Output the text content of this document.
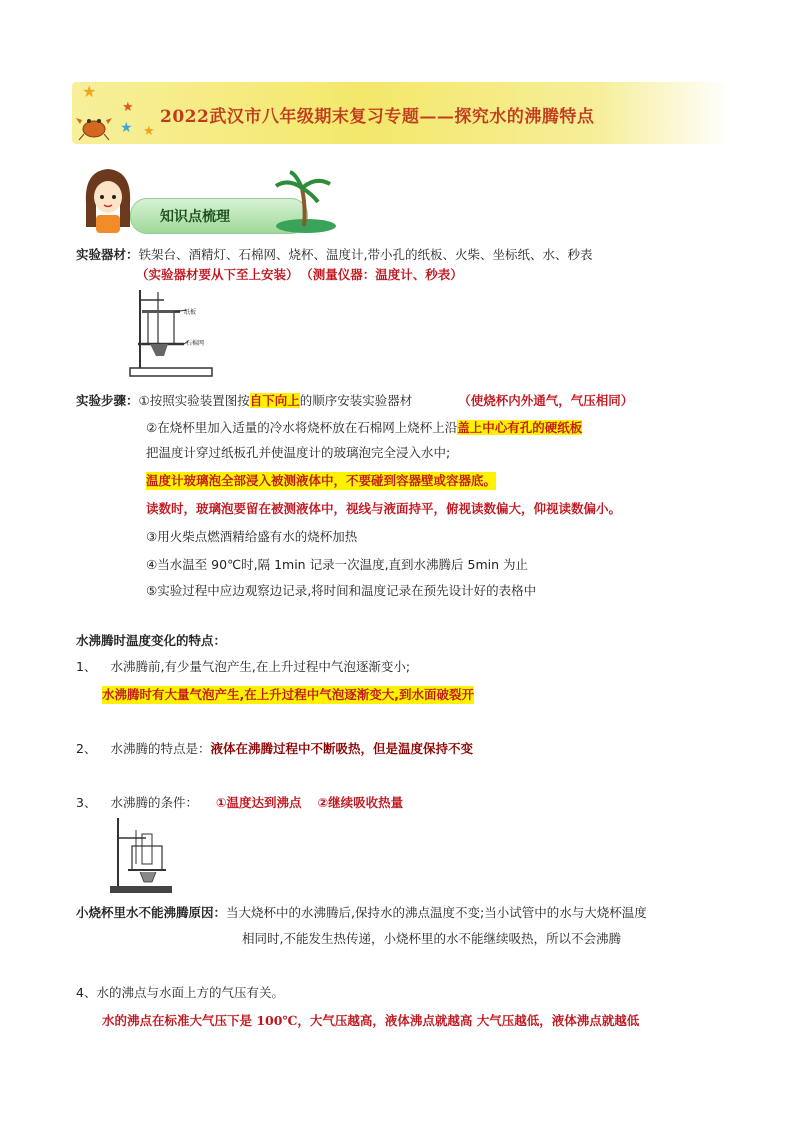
★
★
★ ★
2022武汉市八年级期末复习专题——探究水的沸腾特点
知识点梳理
实验器材：铁架台、酒精灯、石棉网、烧杯、温度计,带小孔的纸板、火柴、坐标纸、水、秒表
（实验器材要从下至上安装） （测量仪器：温度计、秒表）
纸板
石棉网
实验步骤：①按照实验装置图按自下向上的顺序安装实验器材	（使烧杯内外通气，气压相同）
②在烧杯里加入适量的冷水将烧杯放在石棉网上烧杯上沿盖上中心有孔的硬纸板
把温度计穿过纸板孔并使温度计的玻璃泡完全浸入水中;
温度计玻璃泡全部浸入被测液体中，不要碰到容器壁或容器底。
读数时，玻璃泡要留在被测液体中，视线与液面持平，俯视读数偏大，仰视读数偏小。
③用火柴点燃酒精给盛有水的烧杯加热
④当水温至 90℃时,隔 1min 记录一次温度,直到水沸腾后 5min 为止
⑤实验过程中应边观察边记录,将时间和温度记录在预先设计好的表格中
水沸腾时温度变化的特点：
1、 水沸腾前,有少量气泡产生,在上升过程中气泡逐渐变小;
水沸腾时有大量气泡产生,在上升过程中气泡逐渐变大,到水面破裂开
2、 水沸腾的特点是：液体在沸腾过程中不断吸热，但是温度保持不变
3、 水沸腾的条件： ①温度达到沸点 ②继续吸收热量
小烧杯里水不能沸腾原因：当大烧杯中的水沸腾后,保持水的沸点温度不变;当小试管中的水与大烧杯温度
相同时,不能发生热传递，小烧杯里的水不能继续吸热，所以不会沸腾
4、水的沸点与水面上方的气压有关。
水的沸点在标准大气压下是 100℃，大气压越高，液体沸点就越高 大气压越低，液体沸点就越低
